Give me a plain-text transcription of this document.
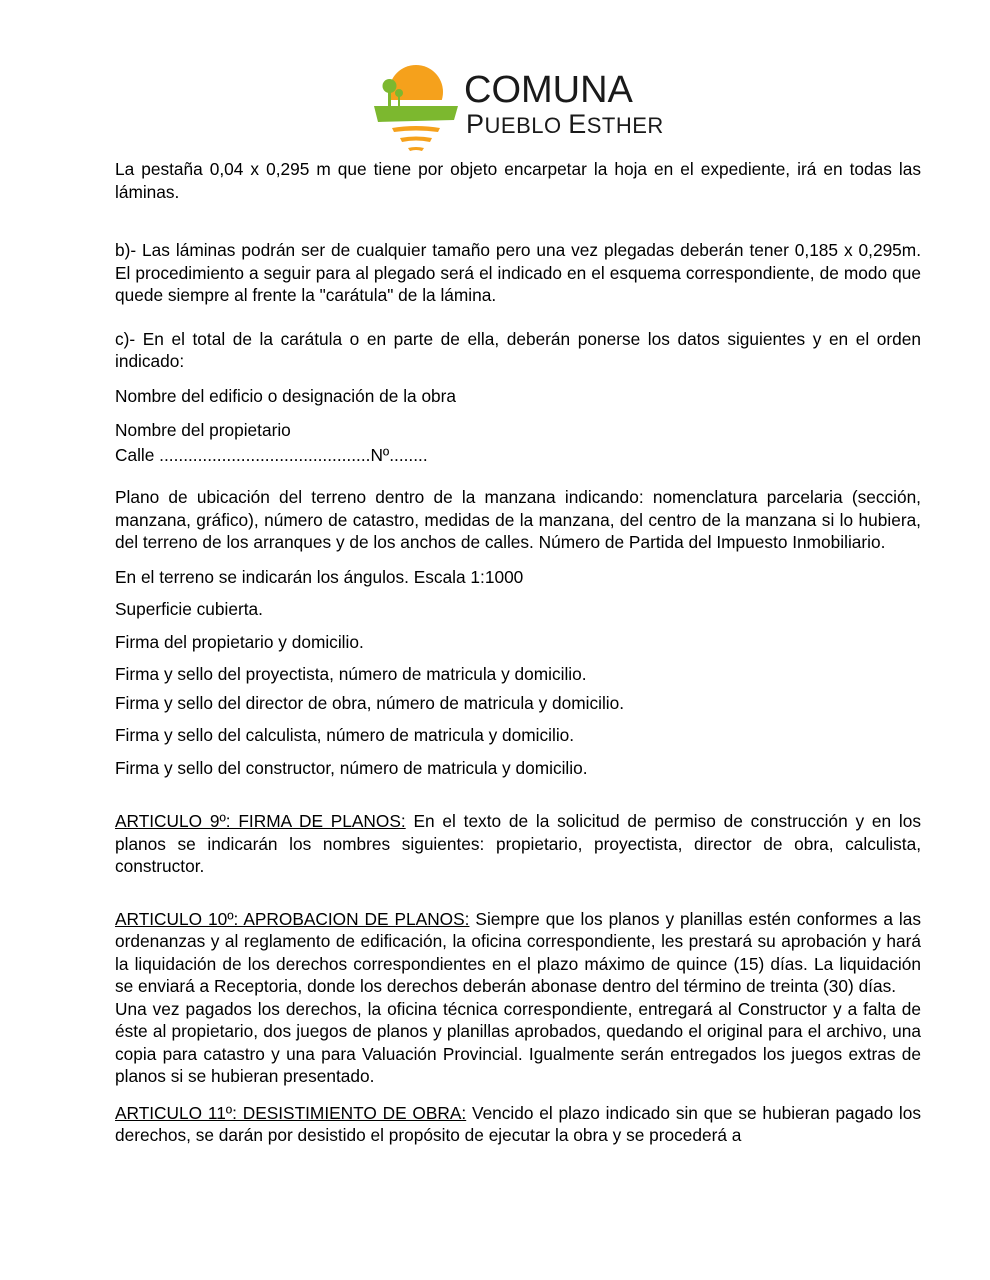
COMUNA
PUEBLO ESTHER

La pestaña 0,04 x 0,295 m que tiene por objeto encarpetar la hoja en el expediente, irá en todas las láminas.

b)- Las láminas podrán ser de cualquier tamaño pero una vez plegadas deberán tener 0,185 x 0,295m. El procedimiento a seguir para al plegado será el indicado en el esquema correspondiente, de modo que quede siempre al frente la "carátula" de la lámina.

c)- En el total de la carátula o en parte de ella, deberán ponerse los datos siguientes y en el orden indicado:

Nombre del edificio o designación de la obra

Nombre del propietario

Calle ............................................Nº........

Plano de ubicación del terreno dentro de la manzana indicando: nomenclatura parcelaria (sección, manzana, gráfico), número de catastro, medidas de la manzana, del centro de la manzana si lo hubiera, del terreno de los arranques y de los anchos de calles. Número de Partida del Impuesto Inmobiliario.

En el terreno se indicarán los ángulos. Escala 1:1000

Superficie cubierta.

Firma del propietario y domicilio.

Firma y sello del proyectista, número de matricula y domicilio.

Firma y sello del director de obra, número de matricula y domicilio.

Firma y sello del calculista, número de matricula y domicilio.

Firma y sello del constructor, número de matricula y domicilio.

ARTICULO 9º: FIRMA DE PLANOS: En el texto de la solicitud de permiso de construcción y en los planos se indicarán los nombres siguientes: propietario, proyectista, director de obra, calculista, constructor.

ARTICULO 10º: APROBACION DE PLANOS: Siempre que los planos y planillas estén conformes a las ordenanzas y al reglamento de edificación, la oficina correspondiente, les prestará su aprobación y hará la liquidación de los derechos correspondientes en el plazo máximo de quince (15) días. La liquidación se enviará a Receptoria, donde los derechos deberán abonase dentro del término de treinta (30) días.

Una vez pagados los derechos, la oficina técnica correspondiente, entregará al Constructor y a falta de éste al propietario, dos juegos de planos y planillas aprobados, quedando el original para el archivo, una copia para catastro y una para Valuación Provincial. Igualmente serán entregados los juegos extras de planos si se hubieran presentado.

ARTICULO 11º: DESISTIMIENTO DE OBRA: Vencido el plazo indicado sin que se hubieran pagado los derechos, se darán por desistido el propósito de ejecutar la obra y se procederá a
